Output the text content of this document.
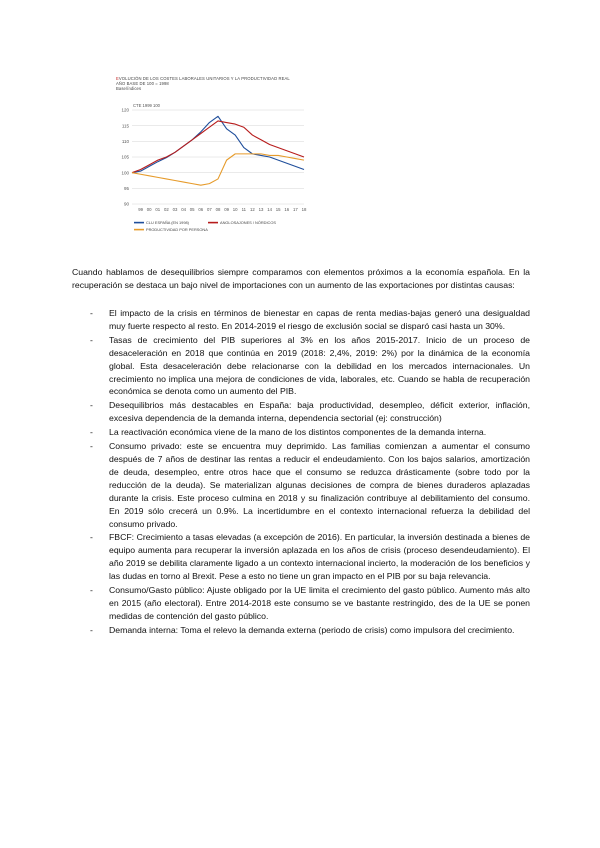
90
95
100
105
110
115
120
99 00 01 02 03 04 05 06 07 08 09 10 11 12 13 14 15 16 17 18
CTE 1999 100
CLU ESPAÑA (EN 1998)	ANGLOSAJONES / NÓRDICOS
PRODUCTIVIDAD POR PERSONA
EVOLUCIÓN DE LOS COSTES LABORALES UNITARIOS Y LA PRODUCTIVIDAD REAL
AÑO BASE DE 100 = 1998
Base/índices

Cuando hablamos de desequilibrios siempre comparamos con elementos próximos a la economía española. En la recuperación se destaca un bajo nivel de importaciones con un aumento de las exportaciones por distintas causas:

- El impacto de la crisis en términos de bienestar en capas de renta medias-bajas generó una desigualdad muy fuerte respecto al resto. En 2014-2019 el riesgo de exclusión social se disparó casi hasta un 30%.
- Tasas de crecimiento del PIB superiores al 3% en los años 2015-2017. Inicio de un proceso de desaceleración en 2018 que continúa en 2019 (2018: 2,4%, 2019: 2%) por la dinámica de la economía global. Esta desaceleración debe relacionarse con la debilidad en los mercados internacionales. Un crecimiento no implica una mejora de condiciones de vida, laborales, etc. Cuando se habla de recuperación económica se denota como un aumento del PIB.
- Desequilibrios más destacables en España: baja productividad, desempleo, déficit exterior, inflación, excesiva dependencia de la demanda interna, dependencia sectorial (ej: construcción)
- La reactivación económica viene de la mano de los distintos componentes de la demanda interna.
- Consumo privado: este se encuentra muy deprimido. Las familias comienzan a aumentar el consumo después de 7 años de destinar las rentas a reducir el endeudamiento. Con los bajos salarios, amortización de deuda, desempleo, entre otros hace que el consumo se reduzca drásticamente (sobre todo por la reducción de la deuda). Se materializan algunas decisiones de compra de bienes duraderos aplazadas durante la crisis. Este proceso culmina en 2018 y su finalización contribuye al debilitamiento del consumo. En 2019 sólo crecerá un 0.9%. La incertidumbre en el contexto internacional refuerza la debilidad del consumo privado.
- FBCF: Crecimiento a tasas elevadas (a excepción de 2016). En particular, la inversión destinada a bienes de equipo aumenta para recuperar la inversión aplazada en los años de crisis (proceso desendeudamiento). El año 2019 se debilita claramente ligado a un contexto internacional incierto, la moderación de los beneficios y las dudas en torno al Brexit. Pese a esto no tiene un gran impacto en el PIB por su baja relevancia.
- Consumo/Gasto público: Ajuste obligado por la UE limita el crecimiento del gasto público. Aumento más alto en 2015 (año electoral). Entre 2014-2018 este consumo se ve bastante restringido, des de la UE se ponen medidas de contención del gasto público.
- Demanda interna: Toma el relevo la demanda externa (periodo de crisis) como impulsora del crecimiento.
